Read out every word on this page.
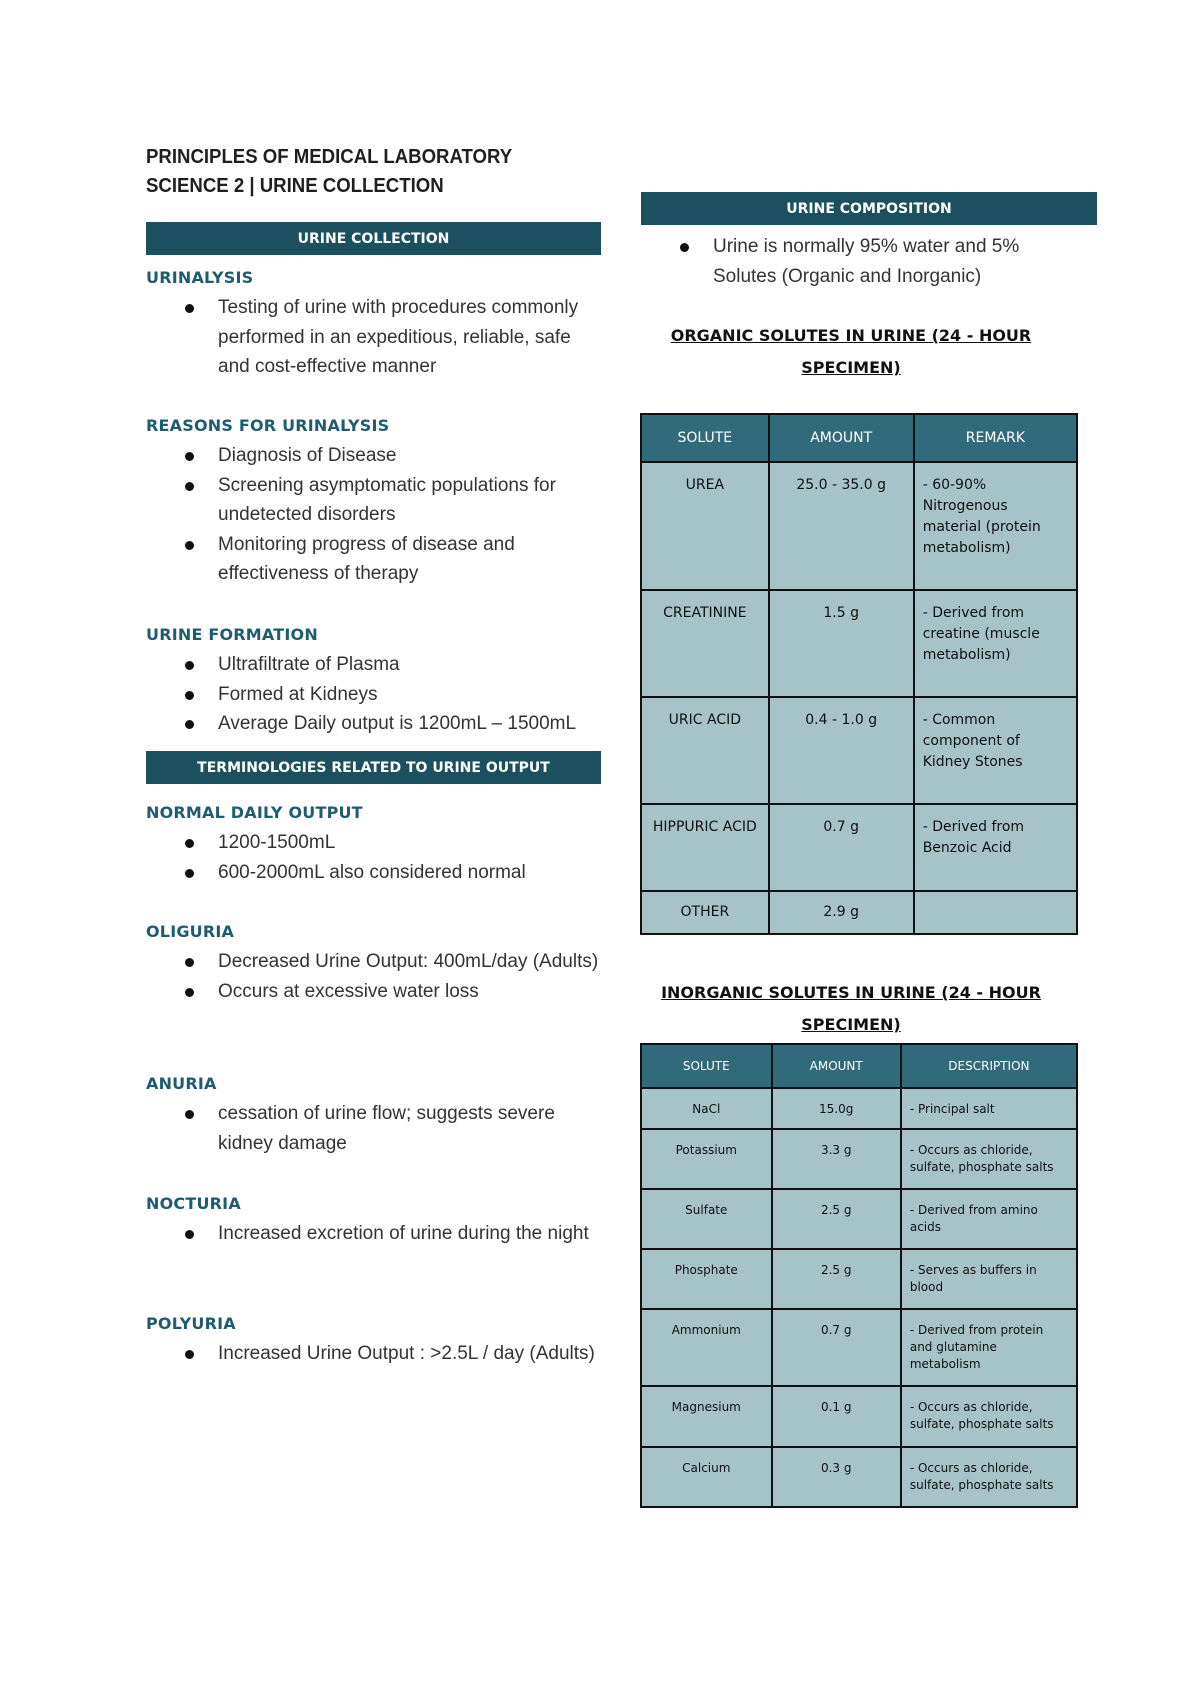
PRINCIPLES OF MEDICAL LABORATORY
SCIENCE 2 | URINE COLLECTION
URINE COLLECTION
URINALYSIS
Testing of urine with procedures commonly performed in an expeditious, reliable, safe and cost-effective manner
REASONS FOR URINALYSIS
Diagnosis of Disease
Screening asymptomatic populations for undetected disorders
Monitoring progress of disease and effectiveness of therapy
URINE FORMATION
Ultrafiltrate of Plasma
Formed at Kidneys
Average Daily output is 1200mL – 1500mL
TERMINOLOGIES RELATED TO URINE OUTPUT
NORMAL DAILY OUTPUT
1200-1500mL
600-2000mL also considered normal
OLIGURIA
Decreased Urine Output: 400mL/day (Adults)
Occurs at excessive water loss
ANURIA
cessation of urine flow; suggests severe kidney damage
NOCTURIA
Increased excretion of urine during the night
POLYURIA
Increased Urine Output : >2.5L / day (Adults)
URINE COMPOSITION
Urine is normally 95% water and 5% Solutes (Organic and Inorganic)
ORGANIC SOLUTES IN URINE (24 - HOUR SPECIMEN)
SOLUTE	AMOUNT	REMARK
UREA	25.0 - 35.0 g	- 60-90% Nitrogenous material (protein metabolism)
CREATININE	1.5 g	- Derived from creatine (muscle metabolism)
URIC ACID	0.4 - 1.0 g	- Common component of Kidney Stones
HIPPURIC ACID	0.7 g	- Derived from Benzoic Acid
OTHER	2.9 g	
INORGANIC SOLUTES IN URINE (24 - HOUR SPECIMEN)
SOLUTE	AMOUNT	DESCRIPTION
NaCl	15.0g	- Principal salt
Potassium	3.3 g	- Occurs as chloride, sulfate, phosphate salts
Sulfate	2.5 g	- Derived from amino acids
Phosphate	2.5 g	- Serves as buffers in blood
Ammonium	0.7 g	- Derived from protein and glutamine metabolism
Magnesium	0.1 g	- Occurs as chloride, sulfate, phosphate salts
Calcium	0.3 g	- Occurs as chloride, sulfate, phosphate salts
